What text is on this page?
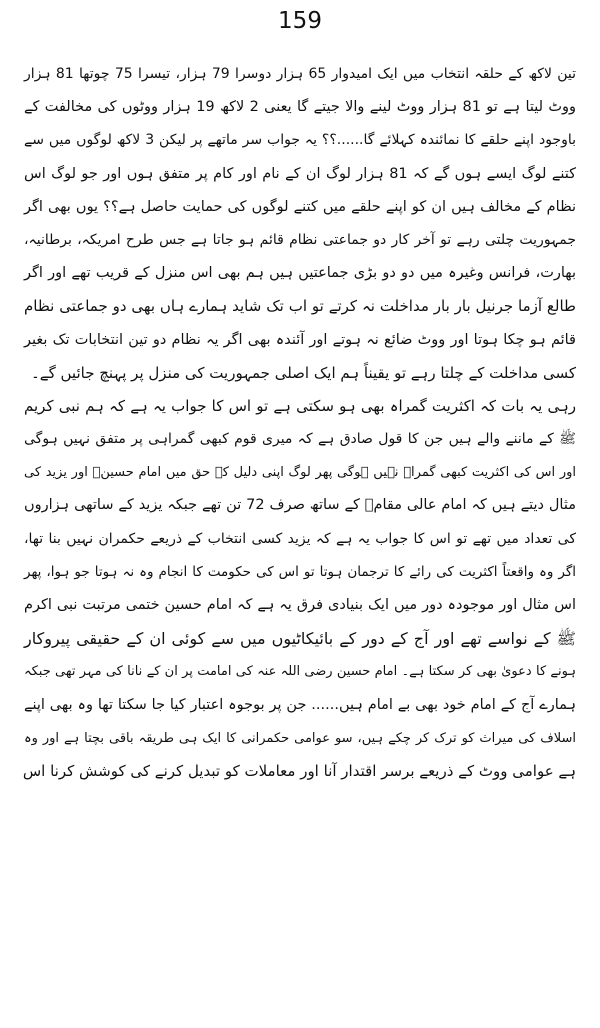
159
تین لاکھ کے حلقہ انتخاب میں ایک امیدوار 65 ہزار دوسرا 79 ہزار، تیسرا 75 چوتھا 81 ہزار
ووٹ لیتا ہے تو 81 ہزار ووٹ لینے والا جیتے گا یعنی 2 لاکھ 19 ہزار ووٹوں کی مخالفت کے
باوجود اپنے حلقے کا نمائندہ کہلائے گا......؟؟ یہ جواب سر ماتھے پر لیکن 3 لاکھ لوگوں میں سے
کتنے لوگ ایسے ہوں گے کہ 81 ہزار لوگ ان کے نام اور کام پر متفق ہوں اور جو لوگ اس
نظام کے مخالف ہیں ان کو اپنے حلقے میں کتنے لوگوں کی حمایت حاصل ہے؟؟ یوں بھی اگر
جمہوریت چلتی رہے تو آخر کار دو جماعتی نظام قائم ہو جاتا ہے جس طرح امریکہ، برطانیہ،
بھارت، فرانس وغیرہ میں دو دو بڑی جماعتیں ہیں ہم بھی اس منزل کے قریب تھے اور اگر
طالع آزما جرنیل بار بار مداخلت نہ کرتے تو اب تک شاید ہمارے ہاں بھی دو جماعتی نظام
قائم ہو چکا ہوتا اور ووٹ ضائع نہ ہوتے اور آئندہ بھی اگر یہ نظام دو تین انتخابات تک بغیر
کسی مداخلت کے چلتا رہے تو یقیناً ہم ایک اصلی جمہوریت کی منزل پر پہنچ جائیں گے۔
رہی یہ بات کہ اکثریت گمراہ بھی ہو سکتی ہے تو اس کا جواب یہ ہے کہ ہم نبی کریم
ﷺ کے ماننے والے ہیں جن کا قول صادق ہے کہ میری قوم کبھی گمراہی پر متفق نہیں ہوگی
اور اس کی اکثریت کبھی گمراہ نہیں ہوگی پھر لوگ اپنی دلیل کے حق میں امام حسینؓ اور یزید کی
مثال دیتے ہیں کہ امام عالی مقامؓ کے ساتھ صرف 72 تن تھے جبکہ یزید کے ساتھی ہزاروں
کی تعداد میں تھے تو اس کا جواب یہ ہے کہ یزید کسی انتخاب کے ذریعے حکمران نہیں بنا تھا،
اگر وہ واقعتاً اکثریت کی رائے کا ترجمان ہوتا تو اس کی حکومت کا انجام وہ نہ ہوتا جو ہوا، پھر
اس مثال اور موجودہ دور میں ایک بنیادی فرق یہ ہے کہ امام حسین ختمی مرتبت نبی اکرم
ﷺ کے نواسے تھے اور آج کے دور کے بائیکاٹیوں میں سے کوئی ان کے حقیقی پیروکار
ہونے کا دعویٰ بھی کر سکتا ہے۔ امام حسین رضی اللہ عنہ کی امامت پر ان کے نانا کی مہر تھی جبکہ
ہمارے آج کے امام خود بھی بے امام ہیں...... جن پر بوجوہ اعتبار کیا جا سکتا تھا وہ بھی اپنے
اسلاف کی میراث کو ترک کر چکے ہیں، سو عوامی حکمرانی کا ایک ہی طریقہ باقی بچتا ہے اور وہ
ہے عوامی ووٹ کے ذریعے برسر اقتدار آنا اور معاملات کو تبدیل کرنے کی کوشش کرنا اس
